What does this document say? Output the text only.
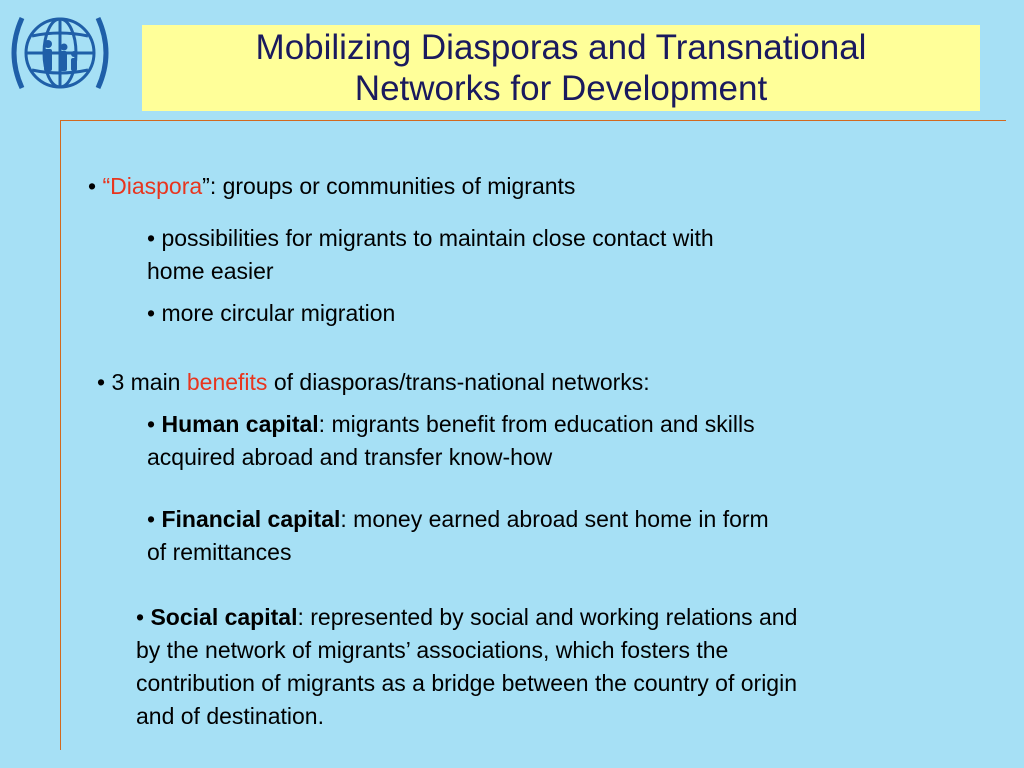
Mobilizing Diasporas and Transnational
Networks for Development
• “Diaspora”: groups or communities of migrants
• possibilities for migrants to maintain close contact with
home easier
• more circular migration
• 3 main benefits of diasporas/trans-national networks:
• Human capital: migrants benefit from education and skills
acquired abroad and transfer know-how
• Financial capital: money earned abroad sent home in form
of remittances
• Social capital: represented by social and working relations and
by the network of migrants’ associations, which fosters the
contribution of migrants as a bridge between the country of origin
and of destination.
